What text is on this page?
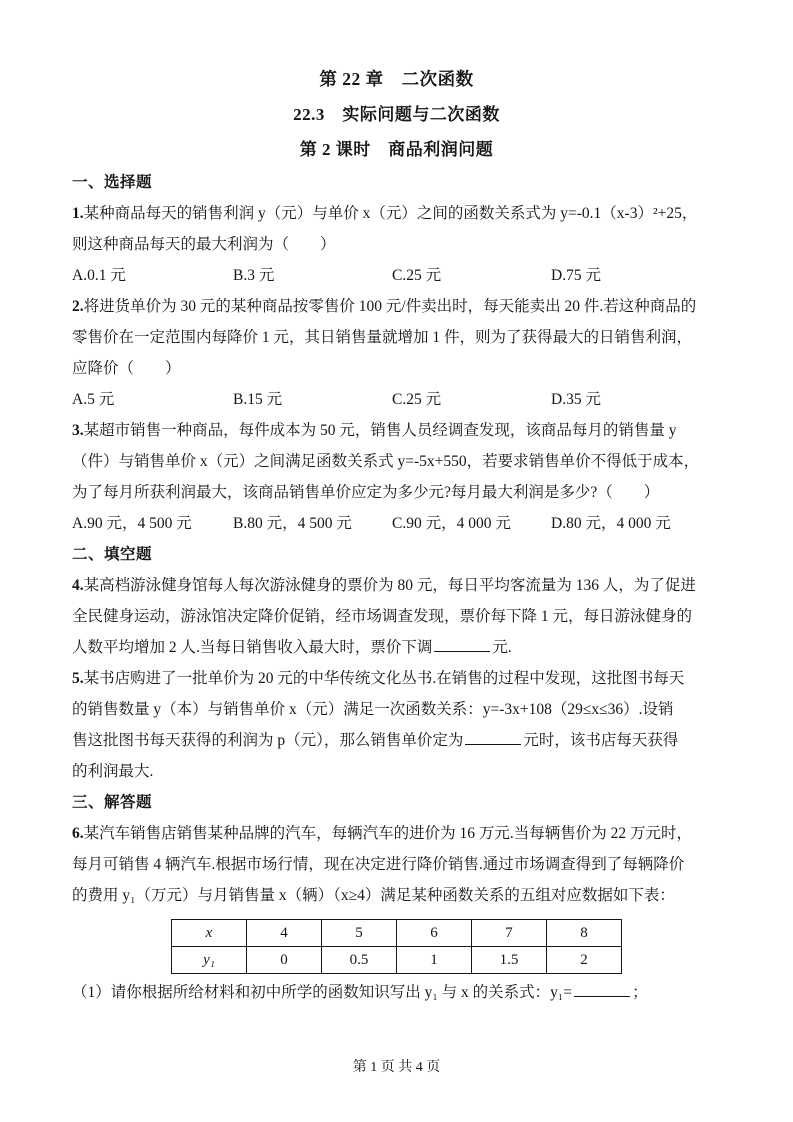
第 22 章　二次函数
22.3　实际问题与二次函数
第 2 课时　商品利润问题
一、选择题
1.某种商品每天的销售利润 y（元）与单价 x（元）之间的函数关系式为 y=-0.1（x-3）²+25，
则这种商品每天的最大利润为（　　）
A.0.1 元	B.3 元	C.25 元	D.75 元
2.将进货单价为 30 元的某种商品按零售价 100 元/件卖出时，每天能卖出 20 件.若这种商品的
零售价在一定范围内每降价 1 元，其日销售量就增加 1 件，则为了获得最大的日销售利润，
应降价（　　）
A.5 元	B.15 元	C.25 元	D.35 元
3.某超市销售一种商品，每件成本为 50 元，销售人员经调查发现，该商品每月的销售量 y
（件）与销售单价 x（元）之间满足函数关系式 y=-5x+550，若要求销售单价不得低于成本，
为了每月所获利润最大，该商品销售单价应定为多少元?每月最大利润是多少?（　　）
A.90 元，4 500 元	B.80 元，4 500 元	C.90 元，4 000 元	D.80 元，4 000 元
二、填空题
4.某高档游泳健身馆每人每次游泳健身的票价为 80 元，每日平均客流量为 136 人，为了促进
全民健身运动，游泳馆决定降价促销，经市场调查发现，票价每下降 1 元，每日游泳健身的
人数平均增加 2 人.当每日销售收入最大时，票价下调	元.
5.某书店购进了一批单价为 20 元的中华传统文化丛书.在销售的过程中发现，这批图书每天
的销售数量 y（本）与销售单价 x（元）满足一次函数关系：y=-3x+108（29≤x≤36）.设销
售这批图书每天获得的利润为 p（元），那么销售单价定为	元时，该书店每天获得
的利润最大.
三、解答题
6.某汽车销售店销售某种品牌的汽车，每辆汽车的进价为 16 万元.当每辆售价为 22 万元时，
每月可销售 4 辆汽车.根据市场行情，现在决定进行降价销售.通过市场调查得到了每辆降价
的费用 y₁（万元）与月销售量 x（辆）（x≥4）满足某种函数关系的五组对应数据如下表：
x	4	5	6	7	8
y₁	0	0.5	1	1.5	2
（1）请你根据所给材料和初中所学的函数知识写出 y₁ 与 x 的关系式：y₁=	；
第 1 页 共 4 页
